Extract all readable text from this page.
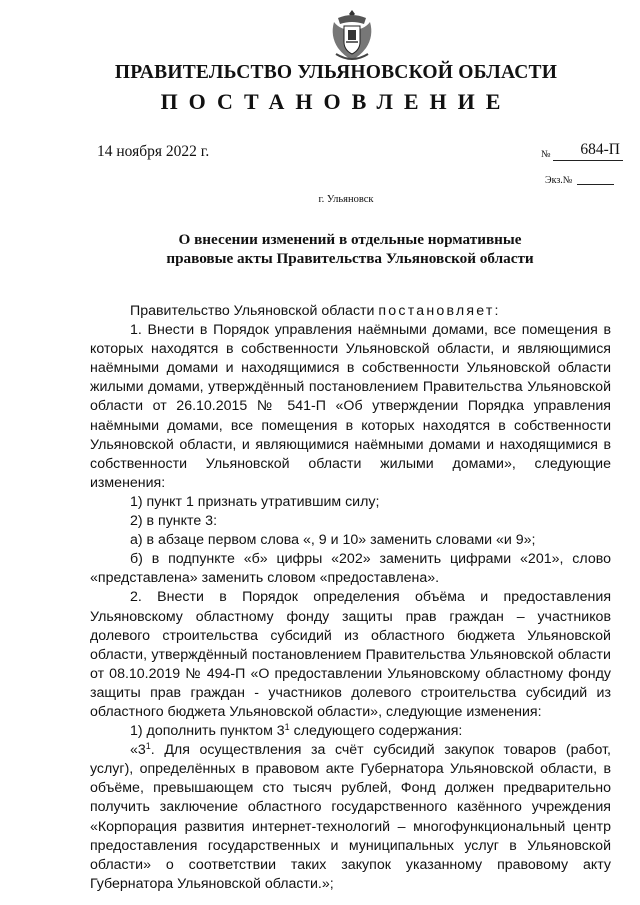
ПРАВИТЕЛЬСТВО УЛЬЯНОВСКОЙ ОБЛАСТИ
ПОСТАНОВЛЕНИЕ
14 ноября 2022 г.	№	684-П
Экз.№
г. Ульяновск
О внесении изменений в отдельные нормативные
правовые акты Правительства Ульяновской области

Правительство Ульяновской области постановляет:

1. Внести в Порядок управления наёмными домами, все помещения в которых находятся в собственности Ульяновской области, и являющимися наёмными домами и находящимися в собственности Ульяновской области жилыми домами, утверждённый постановлением Правительства Ульяновской области от 26.10.2015 № 541-П «Об утверждении Порядка управления наёмными домами, все помещения в которых находятся в собственности Ульяновской области, и являющимися наёмными домами и находящимися в собственности Ульяновской области жилыми домами», следующие изменения:

1) пункт 1 признать утратившим силу;

2) в пункте 3:

а) в абзаце первом слова «, 9 и 10» заменить словами «и 9»;

б) в подпункте «б» цифры «202» заменить цифрами «201», слово «представлена» заменить словом «предоставлена».

2. Внести в Порядок определения объёма и предоставления Ульяновскому областному фонду защиты прав граждан – участников долевого строительства субсидий из областного бюджета Ульяновской области, утверждённый постановлением Правительства Ульяновской области от 08.10.2019 № 494-П «О предоставлении Ульяновскому областному фонду защиты прав граждан - участников долевого строительства субсидий из областного бюджета Ульяновской области», следующие изменения:

1) дополнить пунктом $3^1$ следующего содержания:

«$3^1$. Для осуществления за счёт субсидий закупок товаров (работ, услуг), определённых в правовом акте Губернатора Ульяновской области, в объёме, превышающем сто тысяч рублей, Фонд должен предварительно получить заключение областного государственного казённого учреждения «Корпорация развития интернет-технологий – многофункциональный центр предоставления государственных и муниципальных услуг в Ульяновской области» о соответствии таких закупок указанному правовому акту Губернатора Ульяновской области.»;
